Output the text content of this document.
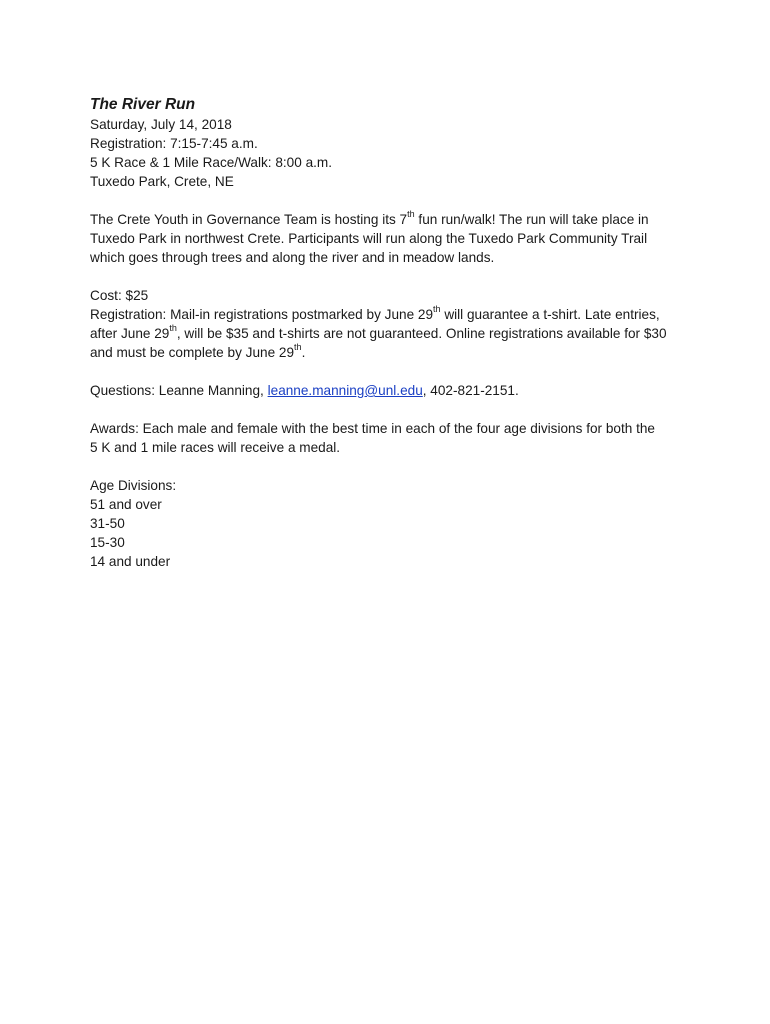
The River Run

Saturday, July 14, 2018
Registration: 7:15-7:45 a.m.
5 K Race & 1 Mile Race/Walk: 8:00 a.m.
Tuxedo Park, Crete, NE
The Crete Youth in Governance Team is hosting its 7th fun run/walk! The run will take place in
Tuxedo Park in northwest Crete. Participants will run along the Tuxedo Park Community Trail
which goes through trees and along the river and in meadow lands.
Cost: $25
Registration: Mail-in registrations postmarked by June 29th will guarantee a t-shirt. Late entries,
after June 29th, will be $35 and t-shirts are not guaranteed. Online registrations available for $30
and must be complete by June 29th.
Questions: Leanne Manning, leanne.manning@unl.edu, 402-821-2151.
Awards: Each male and female with the best time in each of the four age divisions for both the
5 K and 1 mile races will receive a medal.
Age Divisions:
51 and over
31-50
15-30
14 and under
